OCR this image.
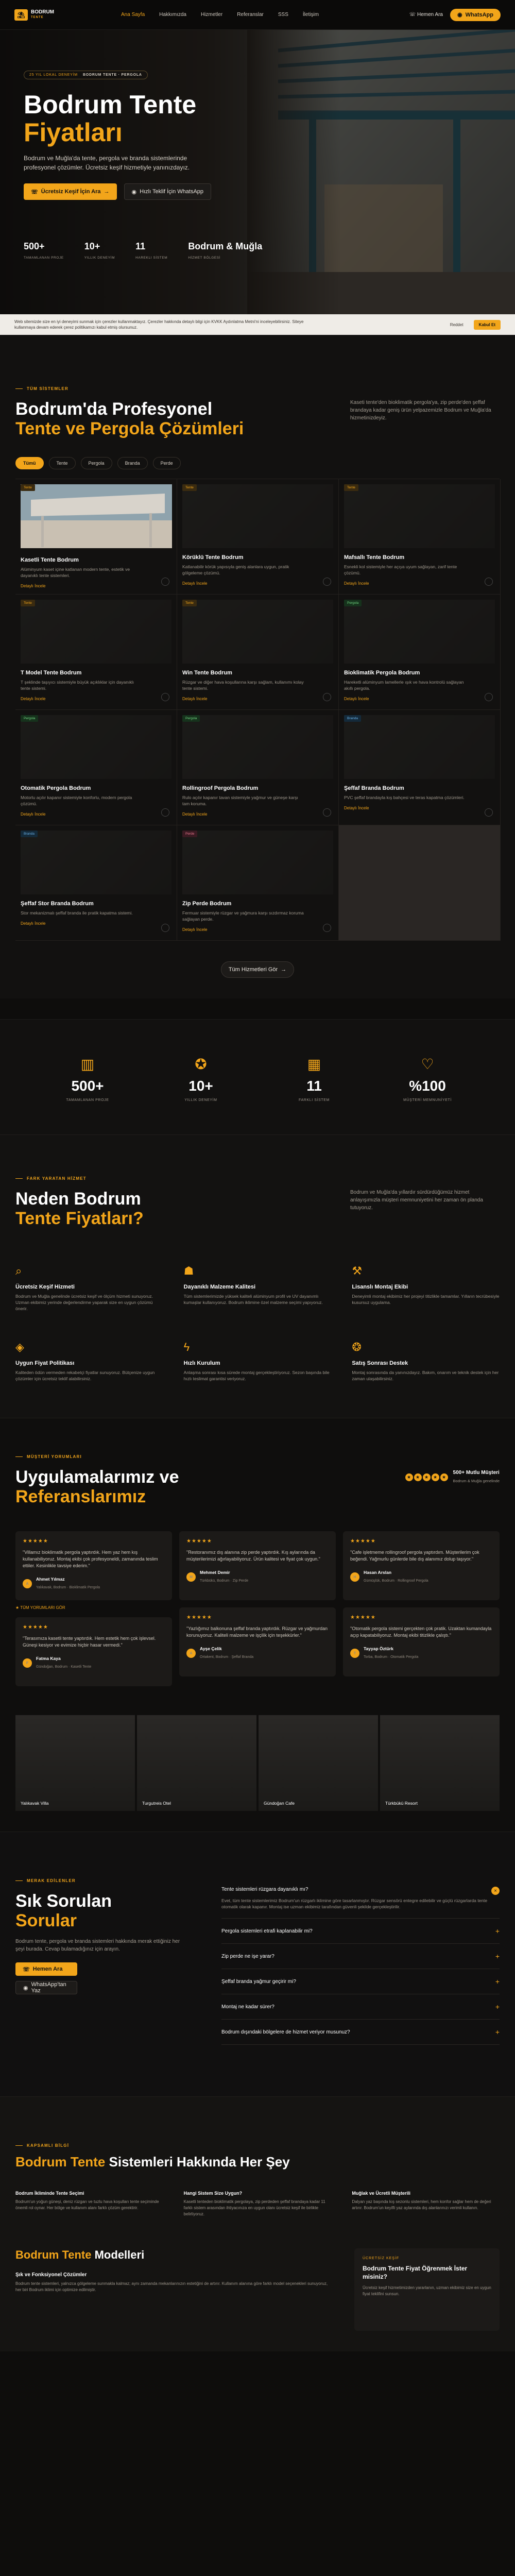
⛱	BODRUM
TENTE	Ana Sayfa	Hakkımızda	Hizmetler	Referanslar	SSS	İletişim	☏ Hemen Ara	◉ WhatsApp
25 YIL LOKAL DENEYİM BODRUM TENTE · PERGOLA
Bodrum Tente
Fiyatları

Bodrum ve Muğla'da tente, pergola ve branda sistemlerinde profesyonel çözümler. Ücretsiz keşif hizmetiyle yanınızdayız.

☏ Ücretsiz Keşif İçin Ara →	◉ Hızlı Teklif İçin WhatsApp
500+
TAMAMLANAN PROJE
10+
YILLIK DENEYİM
11
HAREKLI SİSTEM
Bodrum & Muğla
HİZMET BÖLGESİ

Web sitemizde size en iyi deneyimi sunmak için çerezler kullanmaktayız. Çerezler hakkında detaylı bilgi için KVKK Aydınlatma Metni'ni inceleyebilirsiniz. Siteye kullanmaya devam ederek çerez politikamızı kabul etmiş olursunuz.

Reddet	Kabul Et
TÜM SİSTEMLER
Bodrum'da Profesyonel
Tente ve Pergola Çözümleri

Kaseti tente'den bioklimatik pergola'ya, zip perde'den şeffaf brandaya kadar geniş ürün yelpazemizle Bodrum ve Muğla'da hizmetinizdeyiz.

Tümü	Tente	Pergola	Branda	Perde
Tente
Kasetli Tente Bodrum

Alüminyum kaset içine katlanan modern tente, estetik ve dayanıklı tente sistemleri.

Detaylı İncele
Tente
Körüklü Tente Bodrum

Katlanabilir körük yapısıyla geniş alanlara uygun, pratik gölgeleme çözümü.

Detaylı İncele
Tente
Mafsallı Tente Bodrum

Esnekli kol sistemiyle her açıya uyum sağlayan, zarif tente çözümü.

Detaylı İncele
Tente
T Model Tente Bodrum

T şeklinde taşıyıcı sistemiyle büyük açıklıklar için dayanıklı tente sistemi.

Detaylı İncele
Tente
Win Tente Bodrum

Rüzgar ve diğer hava koşullarına karşı sağlam, kullanımı kolay tente sistemi.

Detaylı İncele
Pergola
Bioklimatik Pergola Bodrum

Hareketli alüminyum lamellerle ışık ve hava kontrolü sağlayan akıllı pergola.

Detaylı İncele
Pergola
Otomatik Pergola Bodrum

Motorlu açılır kapanır sistemiyle konforlu, modern pergola çözümü.

Detaylı İncele
Pergola
Rollingroof Pergola Bodrum

Rulo açılır kapanır tavan sistemiyle yağmur ve güneşe karşı tam koruma.

Detaylı İncele
Branda
Şeffaf Branda Bodrum

PVC şeffaf brandayla kış bahçesi ve teras kapatma çözümleri.

Detaylı İncele
Branda
Şeffaf Stor Branda Bodrum

Stor mekanizmalı şeffaf branda ile pratik kapatma sistemi.

Detaylı İncele
Perde
Zip Perde Bodrum

Fermuar sistemiyle rüzgar ve yağmura karşı sızdırmaz koruma sağlayan perde.

Detaylı İncele
Tüm Hizmetleri Gör →
▥
500+
TAMAMLANAN PROJE
✪
10+
YILLIK DENEYİM
▦
11
FARKLI SİSTEM
♡
%100
MÜŞTERİ MEMNUNİYETİ
FARK YARATAN HİZMET
Neden Bodrum
Tente Fiyatları?

Bodrum ve Muğla'da yıllardır sürdürdüğümüz hizmet anlayışımızla müşteri memnuniyetini her zaman ön planda tutuyoruz.

⌕
Ücretsiz Keşif Hizmeti

Bodrum ve Muğla genelinde ücretsiz keşif ve ölçüm hizmeti sunuyoruz. Uzman ekibimiz yerinde değerlendirme yaparak size en uygun çözümü önerir.

☗
Dayanıklı Malzeme Kalitesi

Tüm sistemlerimizde yüksek kaliteli alüminyum profil ve UV dayanımlı kumaşlar kullanıyoruz. Bodrum iklimine özel malzeme seçimi yapıyoruz.

⚒
Lisanslı Montaj Ekibi

Deneyimli montaj ekibimiz her projeyi titizlikle tamamlar. Yılların tecrübesiyle kusursuz uygulama.

◈
Uygun Fiyat Politikası

Kaliteden ödün vermeden rekabetçi fiyatlar sunuyoruz. Bütçenize uygun çözümler için ücretsiz teklif alabilirsiniz.

ϟ
Hızlı Kurulum

Anlaşma sonrası kısa sürede montaj gerçekleştiriyoruz. Sezon başında bile hızlı teslimat garantisi veriyoruz.

❂
Satış Sonrası Destek

Montaj sonrasında da yanınızdayız. Bakım, onarım ve teknik destek için her zaman ulaşabilirsiniz.

MÜŞTERİ YORUMLARI
Uygulamalarımız ve
Referanslarımız
★ ★ ★ ★ ★
500+ Mutlu Müşteri
Bodrum & Muğla genelinde
★★★★★

"Villamız bioklimatik pergola yaptırdık. Hem yaz hem kış kullanabiliyoruz. Montaj ekibi çok profesyoneldi, zamanında teslim ettiler. Kesinlikle tavsiye ederim."

A
Ahmet Yılmaz
Yalıkavak, Bodrum · Bioklimatik Pergola
★ TÜM YORUMLARI GÖR
★★★★★

"Terasımıza kasetli tente yaptırdık. Hem estetik hem çok işlevsel. Güneşi kesiyor ve evimize hiçbir hasar vermedi."

F
Fatma Kaya
Gündoğan, Bodrum · Kasetli Tente
★★★★★

"Restoranımız dış alanına zip perde yaptırdık. Kış aylarında da müşterilerimizi ağırlayabiliyoruz. Ürün kalitesi ve fiyat çok uygun."

M
Mehmet Demir
Türkbükü, Bodrum · Zip Perde
★★★★★

"Yazlığımız balkonuna şeffaf branda yaptırdık. Rüzgar ve yağmurdan korunuyoruz. Kaliteli malzeme ve işçilik için teşekkürler."

A
Ayşe Çelik
Ortakent, Bodrum · Şeffaf Branda
★★★★★

"Cafe işletmeme rollingroof pergola yaptırdım. Müşterilerim çok beğendi. Yağmurlu günlerde bile dış alanımız dolup taşıyor."

H
Hasan Arslan
Gümüşlük, Bodrum · Rollingroof Pergola
★★★★★

"Otomatik pergola sistemi gerçekten çok pratik. Uzaktan kumandayla açıp kapatabiliyoruz. Montaj ekibi titizlikle çalıştı."

T
Tayyap Öztürk
Torba, Bodrum · Otomatik Pergola
Yalıkavak Villa	Turgutreis Otel	Gündoğan Cafe	Türkbükü Resort
MERAK EDİLENLER
Sık Sorulan
Sorular

Bodrum tente, pergola ve branda sistemleri hakkında merak ettiğiniz her şeyi burada. Cevap bulamadığınız için arayın.

☏ Hemen Ara
◉
WhatsApp'tan Yaz
×
Tente sistemleri rüzgara dayanıklı mı?

Evet, tüm tente sistemlerimiz Bodrum'un rüzgarlı iklimine göre tasarlanmıştır. Rüzgar sensörü entegre edilebilir ve güçlü rüzgarlarda tente otomatik olarak kapanır. Montaj ise uzman ekibimiz tarafından güvenli şekilde gerçekleştirilir.

Pergola sistemleri etrafi kaplanabilir mi?	+
Zip perde ne işe yarar?	+
Şeffaf branda yağmur geçirir mi?	+
Montaj ne kadar sürer?	+
Bodrum dışındaki bölgelere de hizmet veriyor musunuz?	+
KAPSAMLI BİLGİ
Bodrum Tente Sistemleri Hakkında Her Şey
Bodrum İkliminde Tente Seçimi

Bodrum'un yoğun güneşi, deniz rüzgarı ve tuzlu hava koşulları tente seçiminde önemli rol oynar. Her bölge ve kullanım alanı farklı çözüm gerektirir.

Hangi Sistem Size Uygun?

Kasetli tenteden bioklimatik pergolaya, zip perdeden şeffaf brandaya kadar 11 farklı sistem arasından ihtiyacınıza en uygun olanı ücretsiz keşif ile birlikte belirliyoruz.

Muğlak ve Ücretli Müşterili

Dalyan yaz başında kış sezonlu sistemleri, hem konfor sağlar hem de değeri artırır. Bodrum'un keyifli yaz aylarında dış alanlarınızı verimli kullanın.

Bodrum Tente Modelleri
Şık ve Fonksiyonel Çözümler

Bodrum tente sistemleri, yalnızca gölgeleme sunmakla kalmaz; aynı zamanda mekanlarınızın estetiğini de artırır. Kullanım alanına göre farklı model seçenekleri sunuyoruz, her biri Bodrum iklimi için optimize edilmiştir.

ÜCRETSİZ KEŞİF
Bodrum Tente Fiyat Öğrenmek İster misiniz?

Ücretsiz keşif hizmetimizden yararlanın, uzman ekibimiz size en uygun fiyat teklifini sunsun.
